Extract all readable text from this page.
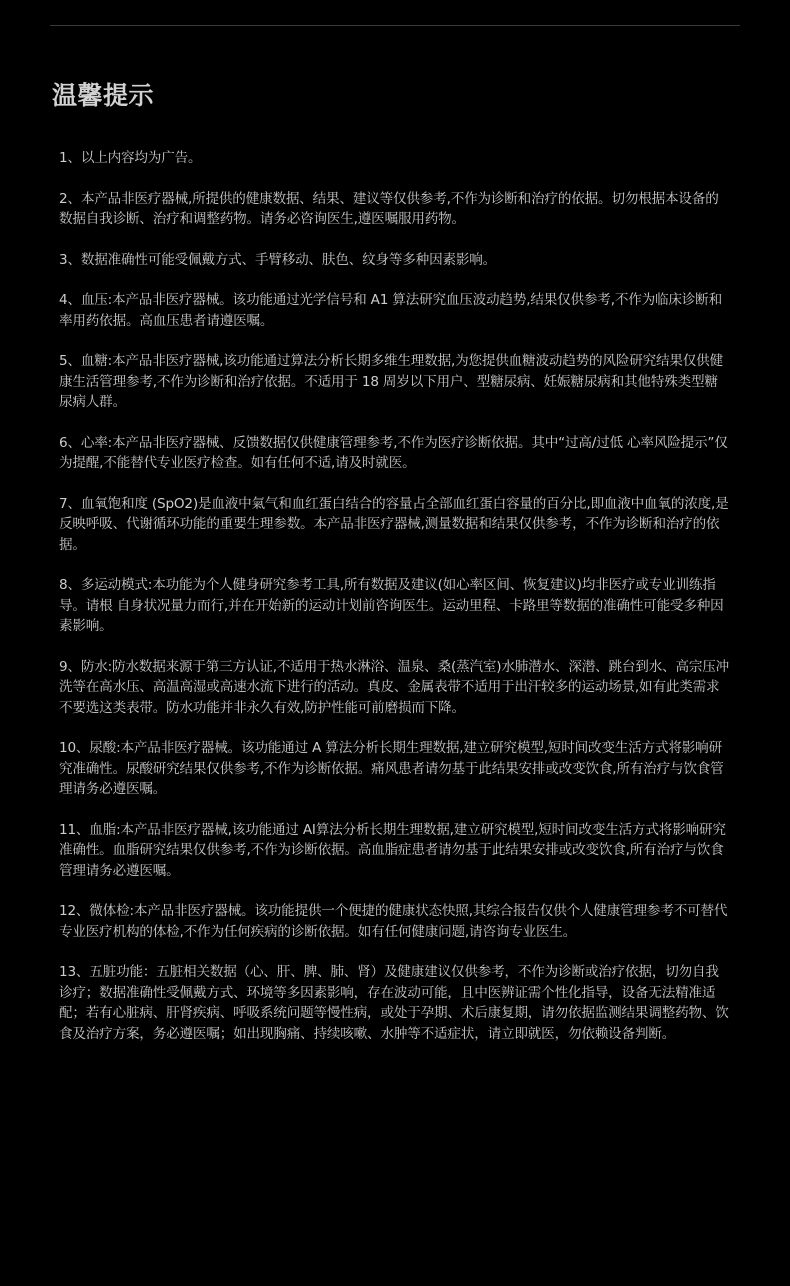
温馨提示
1、以上内容均为广告。
2、本产品非医疗器械,所提供的健康数据、结果、建议等仅供参考,不作为诊断和治疗的依据。切勿根据本设备的数据自我诊断、治疗和调整药物。请务必咨询医生,遵医嘱服用药物。
3、数据准确性可能受佩戴方式、手臂移动、肤色、纹身等多种因素影响。
4、血压:本产品非医疗器械。该功能通过光学信号和 A1 算法研究血压波动趋势,结果仅供参考,不作为临床诊断和率用药依据。高血压患者请遵医嘱。
5、血糖:本产品非医疗器械,该功能通过算法分析长期多维生理数据,为您提供血糖波动趋势的风险研究结果仅供健康生活管理参考,不作为诊断和治疗依据。不适用于 18 周岁以下用户、型糖尿病、妊娠糖尿病和其他特殊类型糖尿病人群。
6、心率:本产品非医疗器械、反馈数据仅供健康管理参考,不作为医疗诊断依据。其中“过高/过低 心率风险提示”仅为提醒,不能替代专业医疗检查。如有任何不适,请及时就医。
7、血氧饱和度 (SpO2)是血液中氣气和血红蛋白结合的容量占全部血红蛋白容量的百分比,即血液中血氧的浓度,是反映呼吸、代谢循环功能的重要生理参数。本产品非医疗器械,测量数据和结果仅供参考，不作为诊断和治疗的依据。
8、多运动模式:本功能为个人健身研究参考工具,所有数据及建议(如心率区间、恢复建议)均非医疗或专业训练指导。请根 自身状况量力而行,并在开始新的运动计划前咨询医生。运动里程、卡路里等数据的准确性可能受多种因素影响。
9、防水:防水数据来源于第三方认证,不适用于热水淋浴、温泉、桑(蒸汽室)水肺潜水、深潜、跳台到水、高宗压冲洗等在高水压、高温高湿或高速水流下进行的活动。真皮、金属表带不适用于出汗较多的运动场景,如有此类需求不要选这类表带。防水功能并非永久有效,防护性能可前磨损而下降。
10、尿酸:本产品非医疗器械。该功能通过 A 算法分析长期生理数据,建立研究模型,短时间改变生活方式将影响研究准确性。尿酸研究结果仅供参考,不作为诊断依据。痛风患者请勿基于此结果安排或改变饮食,所有治疗与饮食管理请务必遵医嘱。
11、血脂:本产品非医疗器械,该功能通过 AI算法分析长期生理数据,建立研究模型,短时间改变生活方式将影响研究准确性。血脂研究结果仅供参考,不作为诊断依据。高血脂症患者请勿基于此结果安排或改变饮食,所有治疗与饮食管理请务必遵医嘱。
12、微体检:本产品非医疗器械。该功能提供一个便捷的健康状态快照,其综合报告仅供个人健康管理参考不可替代专业医疗机构的体检,不作为任何疾病的诊断依据。如有任何健康问题,请咨询专业医生。
13、五脏功能：五脏相关数据（心、肝、脾、肺、肾）及健康建议仅供参考，不作为诊断或治疗依据，切勿自我诊疗；数据准确性受佩戴方式、环境等多因素影响，存在波动可能，且中医辨证需个性化指导，设备无法精准适配；若有心脏病、肝肾疾病、呼吸系统问题等慢性病，或处于孕期、术后康复期，请勿依据监测结果调整药物、饮食及治疗方案，务必遵医嘱；如出现胸痛、持续咳嗽、水肿等不适症状，请立即就医，勿依赖设备判断。
